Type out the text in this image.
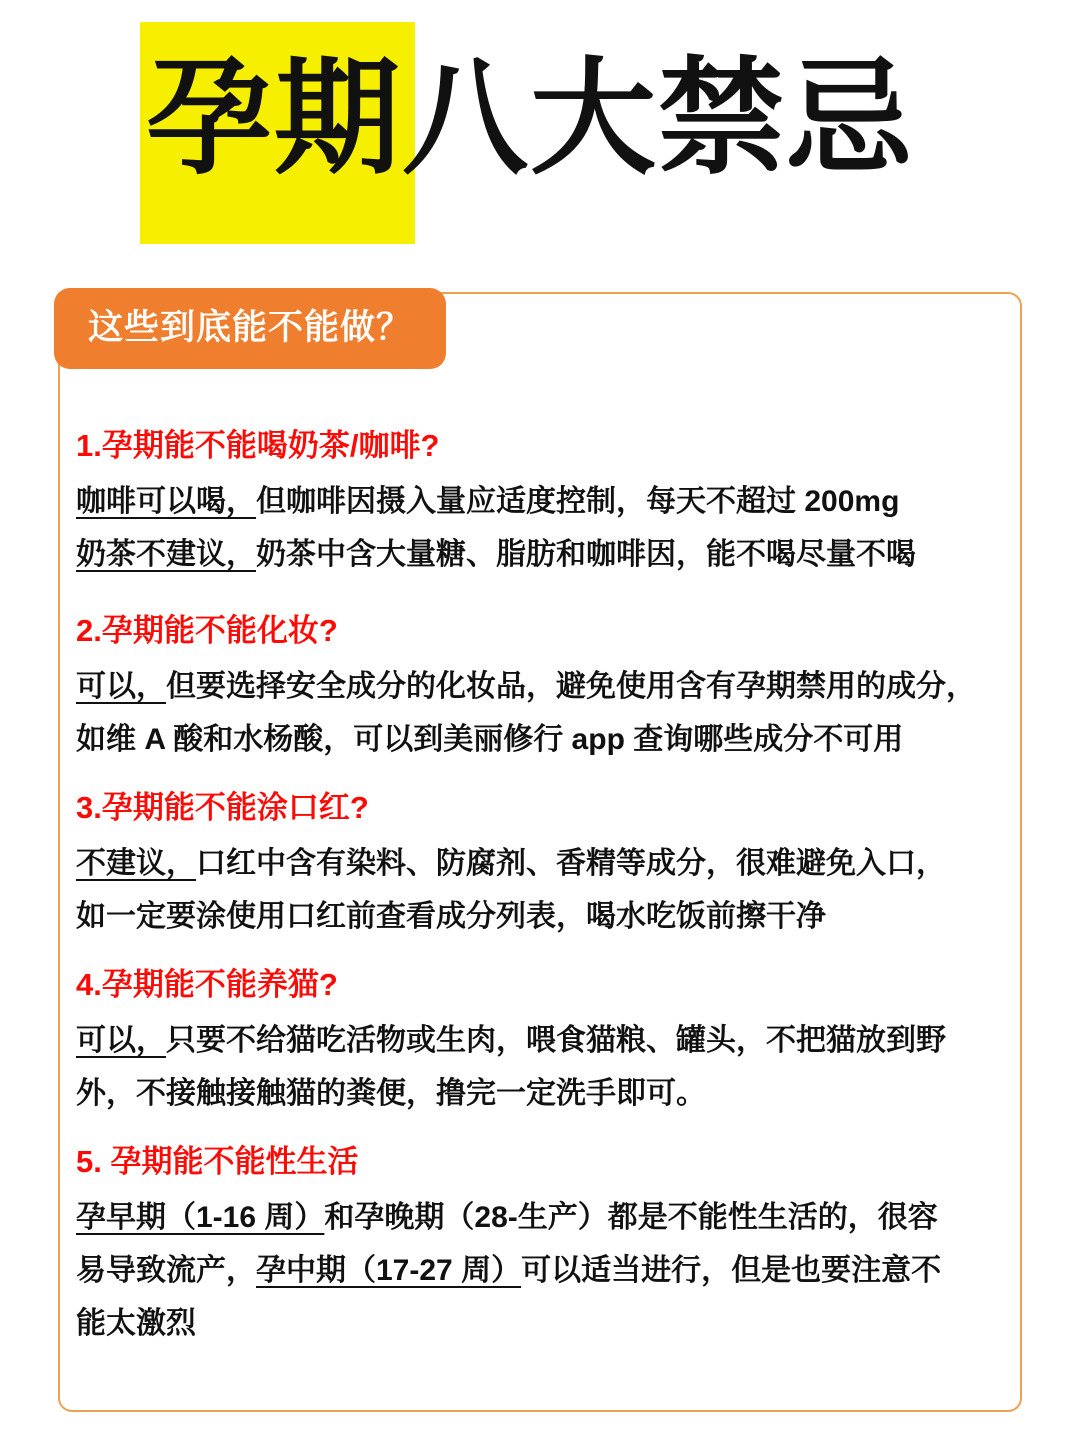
孕期八大禁忌
这些到底能不能做？

1.孕期能不能喝奶茶/咖啡?

咖啡可以喝，但咖啡因摄入量应适度控制，每天不超过 200mg

奶茶不建议，奶茶中含大量糖、脂肪和咖啡因，能不喝尽量不喝

2.孕期能不能化妆?

可以，但要选择安全成分的化妆品，避免使用含有孕期禁用的成分，

如维 A 酸和水杨酸，可以到美丽修行 app 查询哪些成分不可用

3.孕期能不能涂口红?

不建议，口红中含有染料、防腐剂、香精等成分，很难避免入口，

如一定要涂使用口红前查看成分列表，喝水吃饭前擦干净

4.孕期能不能养猫?

可以，只要不给猫吃活物或生肉，喂食猫粮、罐头，不把猫放到野

外，不接触接触猫的粪便，撸完一定洗手即可。

5. 孕期能不能性生活

孕早期（1-16 周）和孕晚期（28-生产）都是不能性生活的，很容

易导致流产，孕中期（17-27 周）可以适当进行，但是也要注意不

能太激烈
